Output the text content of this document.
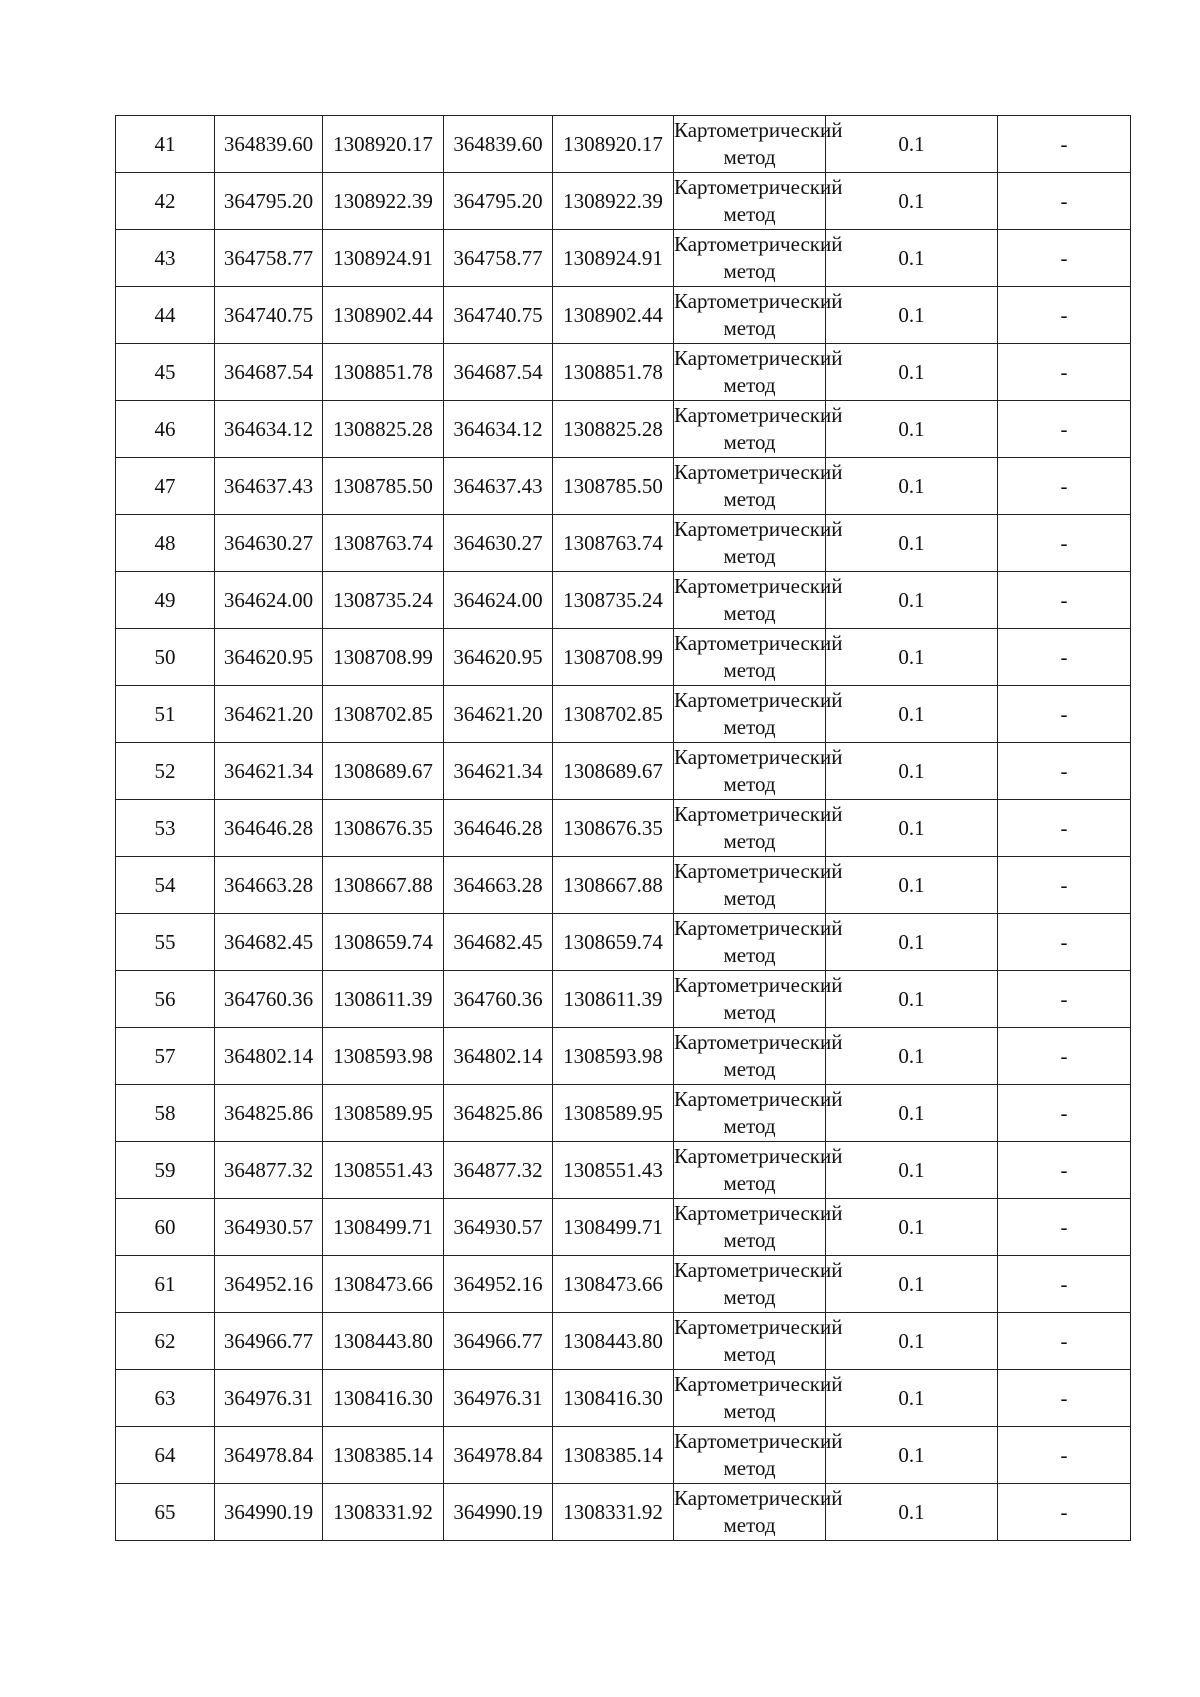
41	364839.60	1308920.17	364839.60	1308920.17	Картометрический метод	0.1	-
42	364795.20	1308922.39	364795.20	1308922.39	Картометрический метод	0.1	-
43	364758.77	1308924.91	364758.77	1308924.91	Картометрический метод	0.1	-
44	364740.75	1308902.44	364740.75	1308902.44	Картометрический метод	0.1	-
45	364687.54	1308851.78	364687.54	1308851.78	Картометрический метод	0.1	-
46	364634.12	1308825.28	364634.12	1308825.28	Картометрический метод	0.1	-
47	364637.43	1308785.50	364637.43	1308785.50	Картометрический метод	0.1	-
48	364630.27	1308763.74	364630.27	1308763.74	Картометрический метод	0.1	-
49	364624.00	1308735.24	364624.00	1308735.24	Картометрический метод	0.1	-
50	364620.95	1308708.99	364620.95	1308708.99	Картометрический метод	0.1	-
51	364621.20	1308702.85	364621.20	1308702.85	Картометрический метод	0.1	-
52	364621.34	1308689.67	364621.34	1308689.67	Картометрический метод	0.1	-
53	364646.28	1308676.35	364646.28	1308676.35	Картометрический метод	0.1	-
54	364663.28	1308667.88	364663.28	1308667.88	Картометрический метод	0.1	-
55	364682.45	1308659.74	364682.45	1308659.74	Картометрический метод	0.1	-
56	364760.36	1308611.39	364760.36	1308611.39	Картометрический метод	0.1	-
57	364802.14	1308593.98	364802.14	1308593.98	Картометрический метод	0.1	-
58	364825.86	1308589.95	364825.86	1308589.95	Картометрический метод	0.1	-
59	364877.32	1308551.43	364877.32	1308551.43	Картометрический метод	0.1	-
60	364930.57	1308499.71	364930.57	1308499.71	Картометрический метод	0.1	-
61	364952.16	1308473.66	364952.16	1308473.66	Картометрический метод	0.1	-
62	364966.77	1308443.80	364966.77	1308443.80	Картометрический метод	0.1	-
63	364976.31	1308416.30	364976.31	1308416.30	Картометрический метод	0.1	-
64	364978.84	1308385.14	364978.84	1308385.14	Картометрический метод	0.1	-
65	364990.19	1308331.92	364990.19	1308331.92	Картометрический метод	0.1	-
